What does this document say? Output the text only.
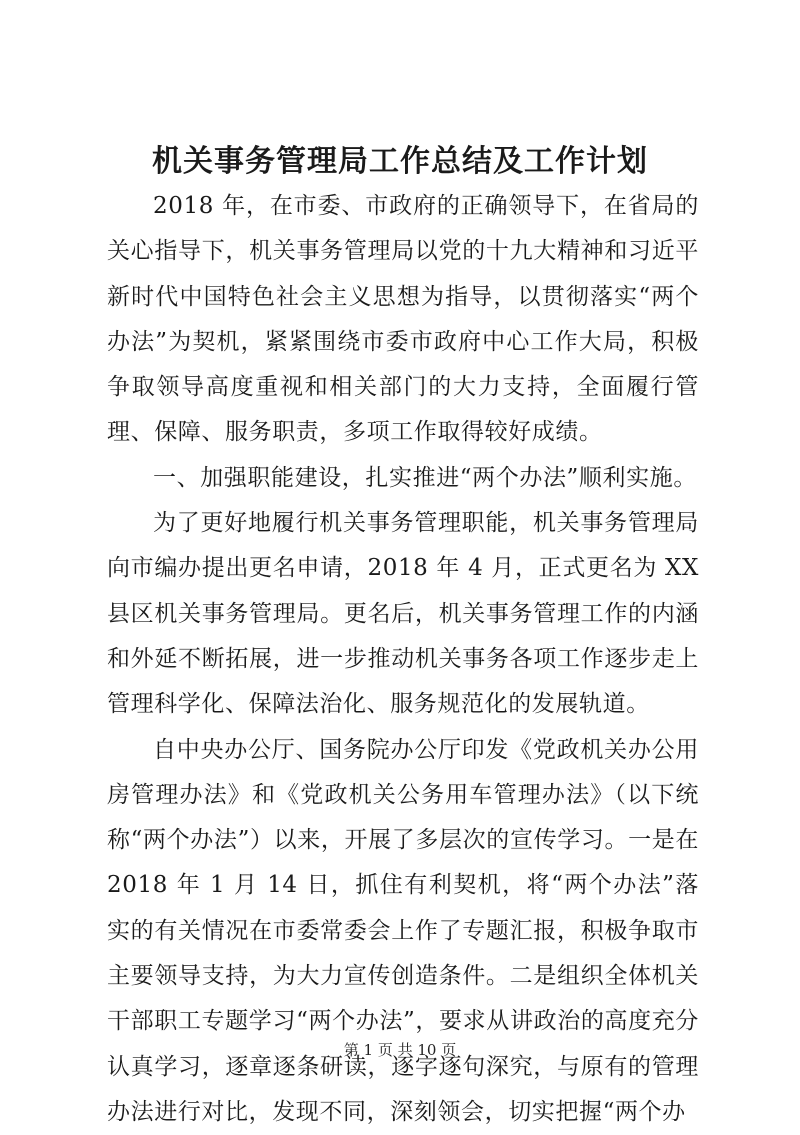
机关事务管理局工作总结及工作计划

2018 年，在市委、市政府的正确领导下，在省局的关心指导下，机关事务管理局以党的十九大精神和习近平新时代中国特色社会主义思想为指导，以贯彻落实“两个办法”为契机，紧紧围绕市委市政府中心工作大局，积极争取领导高度重视和相关部门的大力支持，全面履行管理、保障、服务职责，多项工作取得较好成绩。

一、加强职能建设，扎实推进“两个办法”顺利实施。

为了更好地履行机关事务管理职能，机关事务管理局向市编办提出更名申请，2018 年 4 月，正式更名为 XX 县区机关事务管理局。更名后，机关事务管理工作的内涵和外延不断拓展，进一步推动机关事务各项工作逐步走上管理科学化、保障法治化、服务规范化的发展轨道。

自中央办公厅、国务院办公厅印发《党政机关办公用房管理办法》和《党政机关公务用车管理办法》（以下统称“两个办法”）以来，开展了多层次的宣传学习。一是在 2018 年 1 月 14 日，抓住有利契机，将“两个办法”落实的有关情况在市委常委会上作了专题汇报，积极争取市主要领导支持，为大力宣传创造条件。二是组织全体机关干部职工专题学习“两个办法”，要求从讲政治的高度充分认真学习，逐章逐条研读，逐字逐句深究，与原有的管理办法进行对比，发现不同，深刻领会，切实把握“两个办

第 1 页 共 10 页
